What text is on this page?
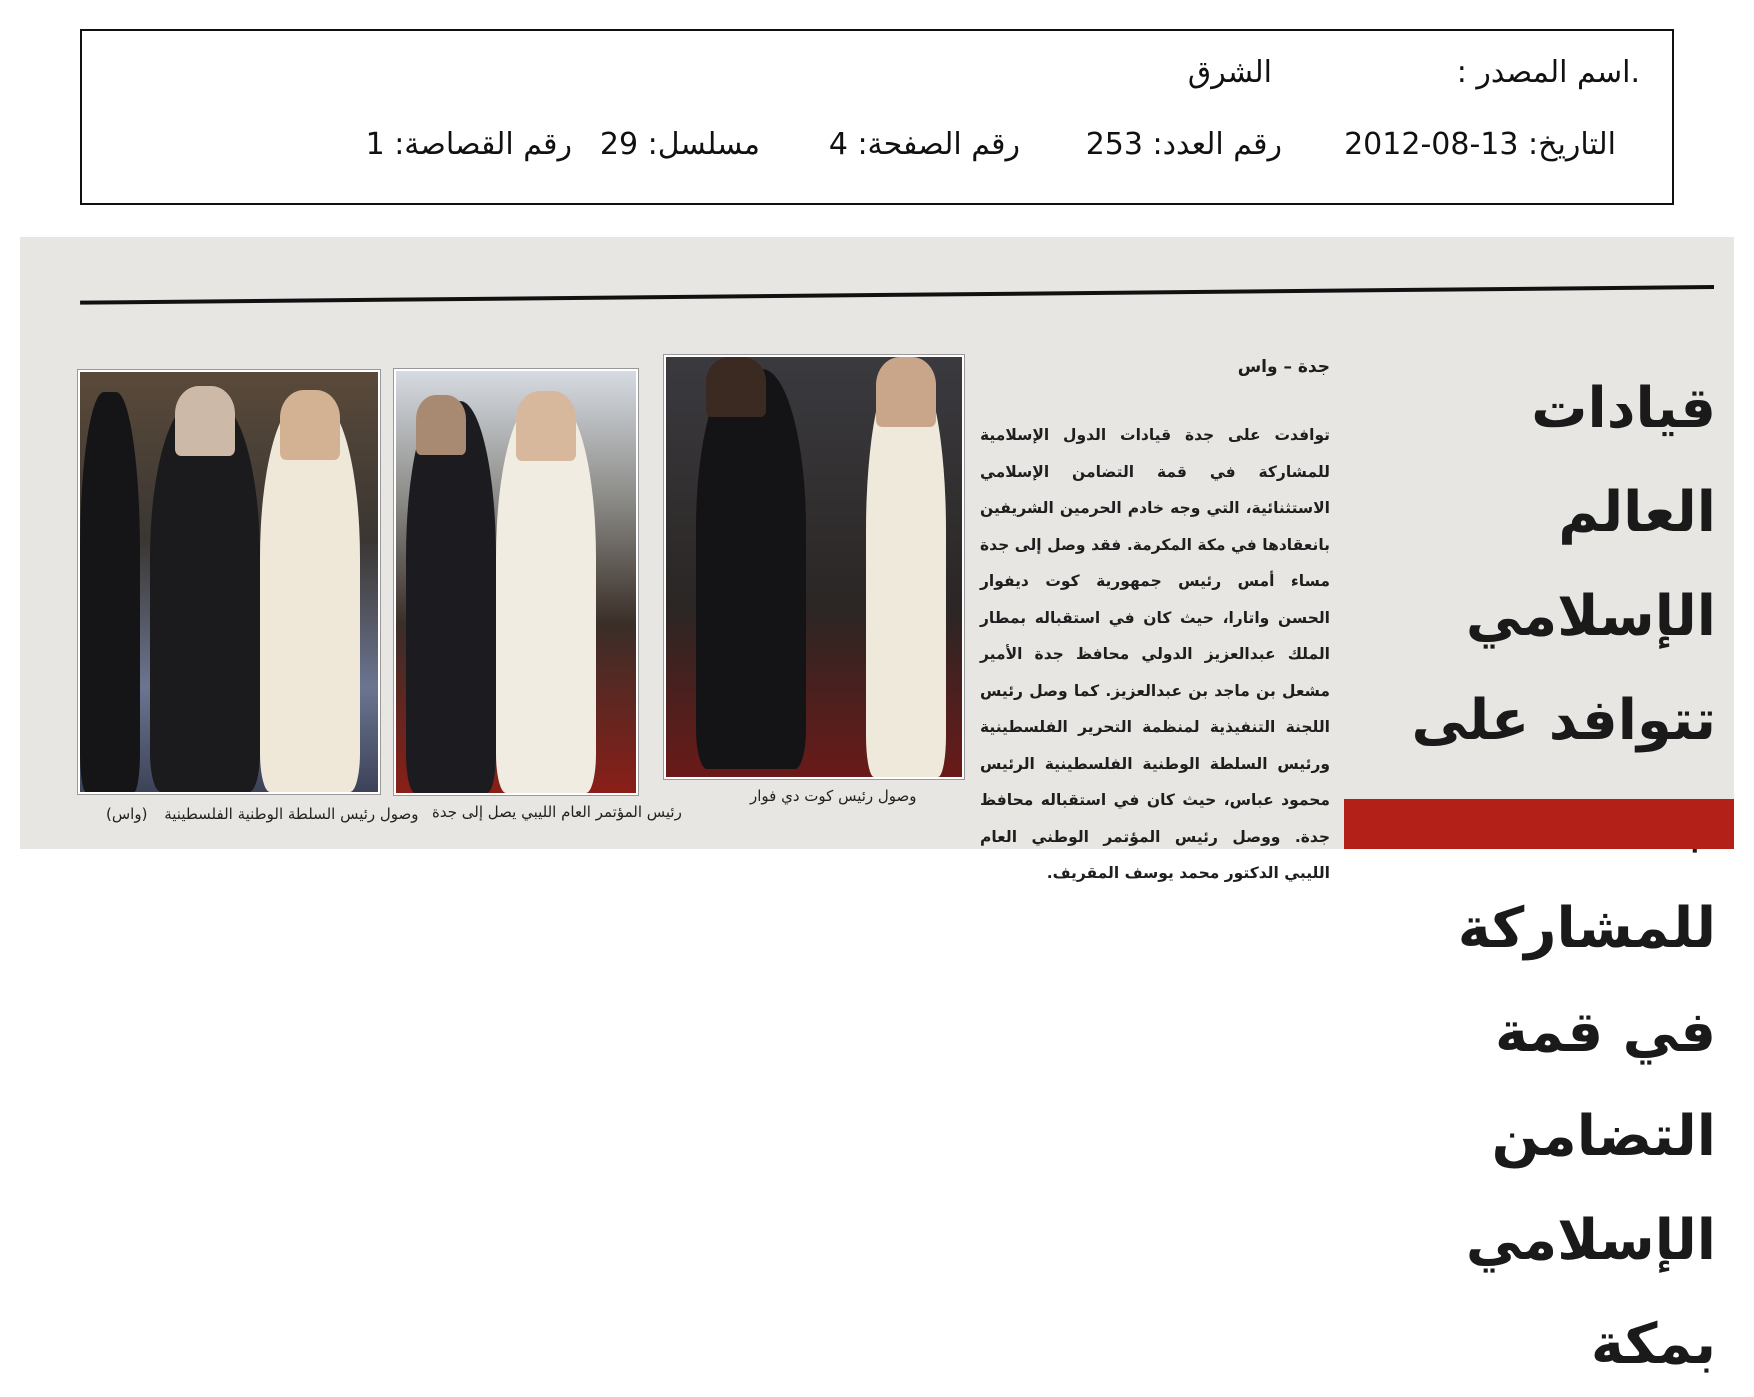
.اسم المصدر :
الشرق
التاريخ: 13-08-2012
رقم العدد: 253
رقم الصفحة: 4
مسلسل: 29
رقم القصاصة: 1
قيادات العالم الإسلامي تتوافد على للمشاركة في قمة التضامن الإسلامي بمكة
جدة – واس
توافدت على جدة قيادات الدول الإسلامية للمشاركة في قمة التضامن الإسلامي الاستثنائية، التي وجه خادم الحرمين الشريفين بانعقادها في مكة المكرمة. فقد وصل إلى جدة مساء أمس رئيس جمهورية كوت ديفوار الحسن واتارا، حيث كان في استقباله بمطار الملك عبدالعزيز الدولي محافظ جدة الأمير مشعل بن ماجد بن عبدالعزيز. كما وصل رئيس اللجنة التنفيذية لمنظمة التحرير الفلسطينية ورئيس السلطة الوطنية الفلسطينية الرئيس محمود عباس، حيث كان في استقباله محافظ جدة. ووصل رئيس المؤتمر الوطني العام الليبي الدكتور محمد يوسف المقريف.
وصول رئيس كوت دي فوار
رئيس المؤتمر العام الليبي يصل إلى جدة
وصول رئيس السلطة الوطنية الفلسطينية (واس)
